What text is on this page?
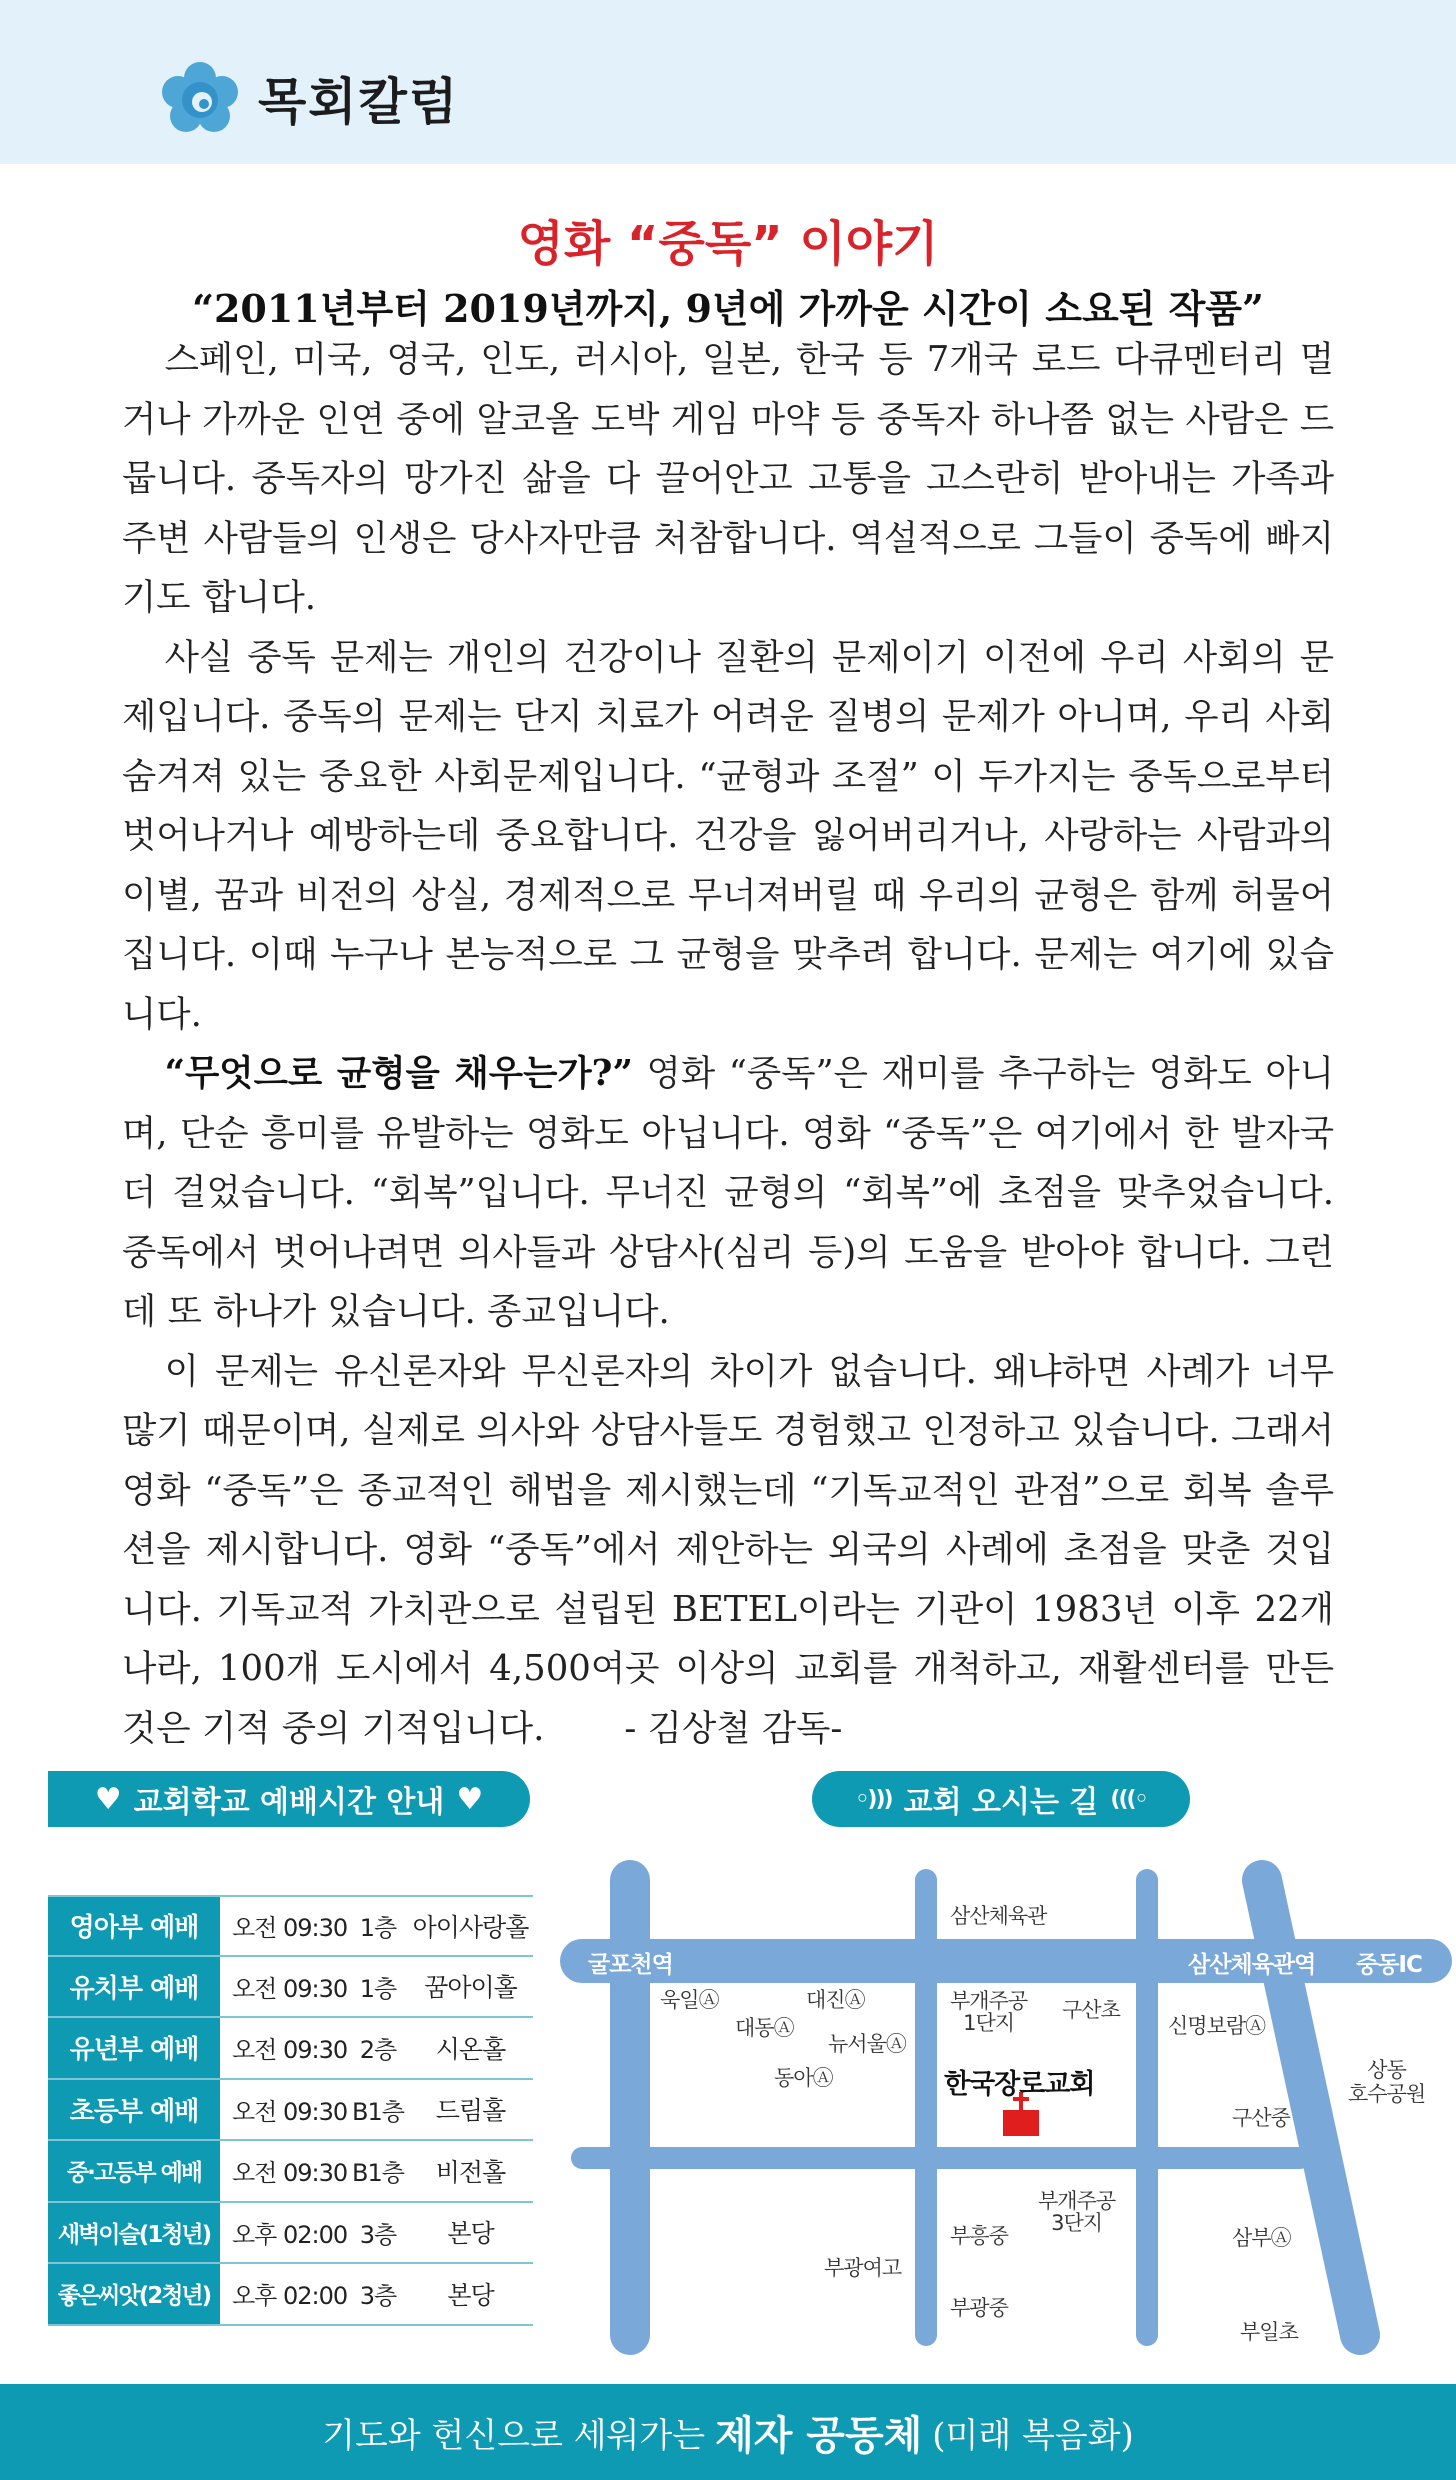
목회칼럼
영화 “중독” 이야기
“2011년부터 2019년까지, 9년에 가까운 시간이 소요된 작품”

스페인, 미국, 영국, 인도, 러시아, 일본, 한국 등 7개국 로드 다큐멘터리 멀거나 가까운 인연 중에 알코올 도박 게임 마약 등 중독자 하나쯤 없는 사람은 드뭅니다. 중독자의 망가진 삶을 다 끌어안고 고통을 고스란히 받아내는 가족과 주변 사람들의 인생은 당사자만큼 처참합니다. 역설적으로 그들이 중독에 빠지기도 합니다.

사실 중독 문제는 개인의 건강이나 질환의 문제이기 이전에 우리 사회의 문제입니다. 중독의 문제는 단지 치료가 어려운 질병의 문제가 아니며, 우리 사회 숨겨져 있는 중요한 사회문제입니다. “균형과 조절” 이 두가지는 중독으로부터 벗어나거나 예방하는데 중요합니다. 건강을 잃어버리거나, 사랑하는 사람과의 이별, 꿈과 비전의 상실, 경제적으로 무너져버릴 때 우리의 균형은 함께 허물어집니다. 이때 누구나 본능적으로 그 균형을 맞추려 합니다. 문제는 여기에 있습니다.

“무엇으로 균형을 채우는가?” 영화 “중독”은 재미를 추구하는 영화도 아니며, 단순 흥미를 유발하는 영화도 아닙니다. 영화 “중독”은 여기에서 한 발자국 더 걸었습니다. “회복”입니다. 무너진 균형의 “회복”에 초점을 맞추었습니다. 중독에서 벗어나려면 의사들과 상담사(심리 등)의 도움을 받아야 합니다. 그런데 또 하나가 있습니다. 종교입니다.

이 문제는 유신론자와 무신론자의 차이가 없습니다. 왜냐하면 사례가 너무 많기 때문이며, 실제로 의사와 상담사들도 경험했고 인정하고 있습니다. 그래서 영화 “중독”은 종교적인 해법을 제시했는데 “기독교적인 관점”으로 회복 솔루션을 제시합니다. 영화 “중독”에서 제안하는 외국의 사례에 초점을 맞춘 것입니다. 기독교적 가치관으로 설립된 BETEL이라는 기관이 1983년 이후 22개 나라, 100개 도시에서 4,500여곳 이상의 교회를 개척하고, 재활센터를 만든 것은 기적 중의 기적입니다. - 김상철 감독-

♥ 교회학교 예배시간 안내 ♥	◦))) 교회 오시는 길 (((◦
영아부 예배	오전 09:30 1층 아이사랑홀
유치부 예배	오전 09:30 1층	꿈아이홀
유년부 예배	오전 09:30 2층	시온홀
초등부 예배	오전 09:30 B1층	드림홀
중·고등부 예배	오전 09:30 B1층	비전홀
새벽이슬(1청년) 오후 02:00 3층	본당
좋은씨앗(2청년) 오후 02:00 3층	본당
굴포천역	삼산체육관역 중동IC
삼산체육관
욱일Ⓐ	대진Ⓐ
대동Ⓐ
뉴서울Ⓐ
동아Ⓐ
부개주공
1단지
구산초
신명보람Ⓐ
상동
호수공원
구산중
한국장로교회
부개주공
3단지
부흥중
부광여고
부광중
삼부Ⓐ
부일초
기도와 헌신으로 세워가는 제자 공동체 (미래 복음화)
